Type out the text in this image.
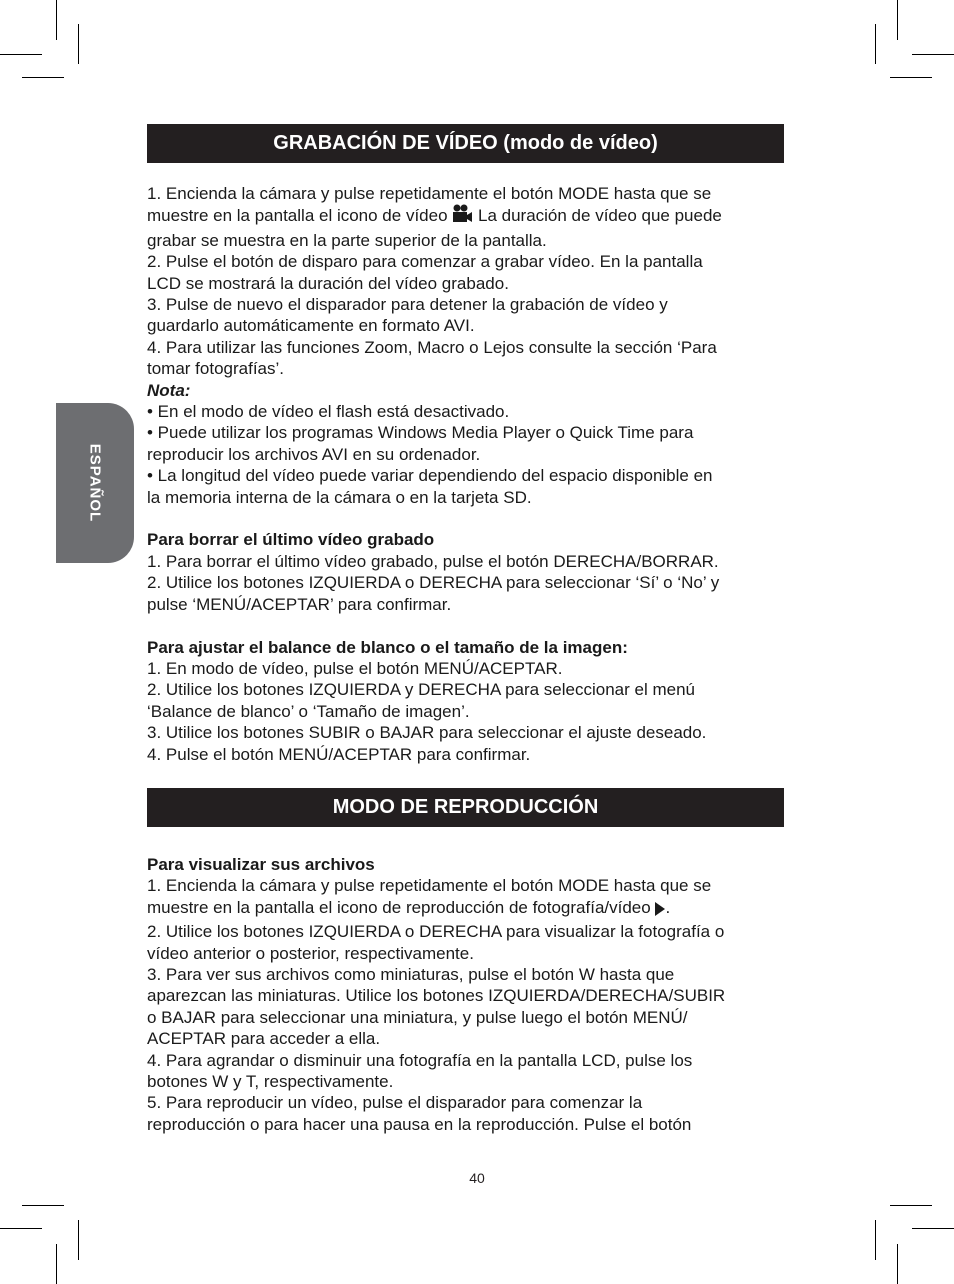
ESPAÑOL
GRABACIÓN DE VÍDEO (modo de vídeo)

1. Encienda la cámara y pulse repetidamente el botón MODE hasta que se

muestre en la pantalla el icono de vídeo  La duración de vídeo que puede

grabar se muestra en la parte superior de la pantalla.

2. Pulse el botón de disparo para comenzar a grabar vídeo. En la pantalla

LCD se mostrará la duración del vídeo grabado.

3. Pulse de nuevo el disparador para detener la grabación de vídeo y

guardarlo automáticamente en formato AVI.

4. Para utilizar las funciones Zoom, Macro o Lejos consulte la sección ‘Para

tomar fotografías’.

Nota:

• En el modo de vídeo el flash está desactivado.

• Puede utilizar los programas Windows Media Player o Quick Time para

reproducir los archivos AVI en su ordenador.

• La longitud del vídeo puede variar dependiendo del espacio disponible en

la memoria interna de la cámara o en la tarjeta SD.

Para borrar el último vídeo grabado

1. Para borrar el último vídeo grabado, pulse el botón DERECHA/BORRAR.

2. Utilice los botones IZQUIERDA o DERECHA para seleccionar ‘Sí’ o ‘No’ y

pulse ‘MENÚ/ACEPTAR’ para confirmar.

Para ajustar el balance de blanco o el tamaño de la imagen:

1. En modo de vídeo, pulse el botón MENÚ/ACEPTAR.

2. Utilice los botones IZQUIERDA y DERECHA para seleccionar el menú

‘Balance de blanco’ o ‘Tamaño de imagen’.

3. Utilice los botones SUBIR o BAJAR para seleccionar el ajuste deseado.

4. Pulse el botón MENÚ/ACEPTAR para confirmar.

MODO DE REPRODUCCIÓN

Para visualizar sus archivos

1. Encienda la cámara y pulse repetidamente el botón MODE hasta que se

muestre en la pantalla el icono de reproducción de fotografía/vídeo .

2. Utilice los botones IZQUIERDA o DERECHA para visualizar la fotografía o

vídeo anterior o posterior, respectivamente.

3. Para ver sus archivos como miniaturas, pulse el botón W hasta que

aparezcan las miniaturas. Utilice los botones IZQUIERDA/DERECHA/SUBIR

o BAJAR para seleccionar una miniatura, y pulse luego el botón MENÚ/

ACEPTAR para acceder a ella.

4. Para agrandar o disminuir una fotografía en la pantalla LCD, pulse los

botones W y T, respectivamente.

5. Para reproducir un vídeo, pulse el disparador para comenzar la

reproducción o para hacer una pausa en la reproducción. Pulse el botón

40
